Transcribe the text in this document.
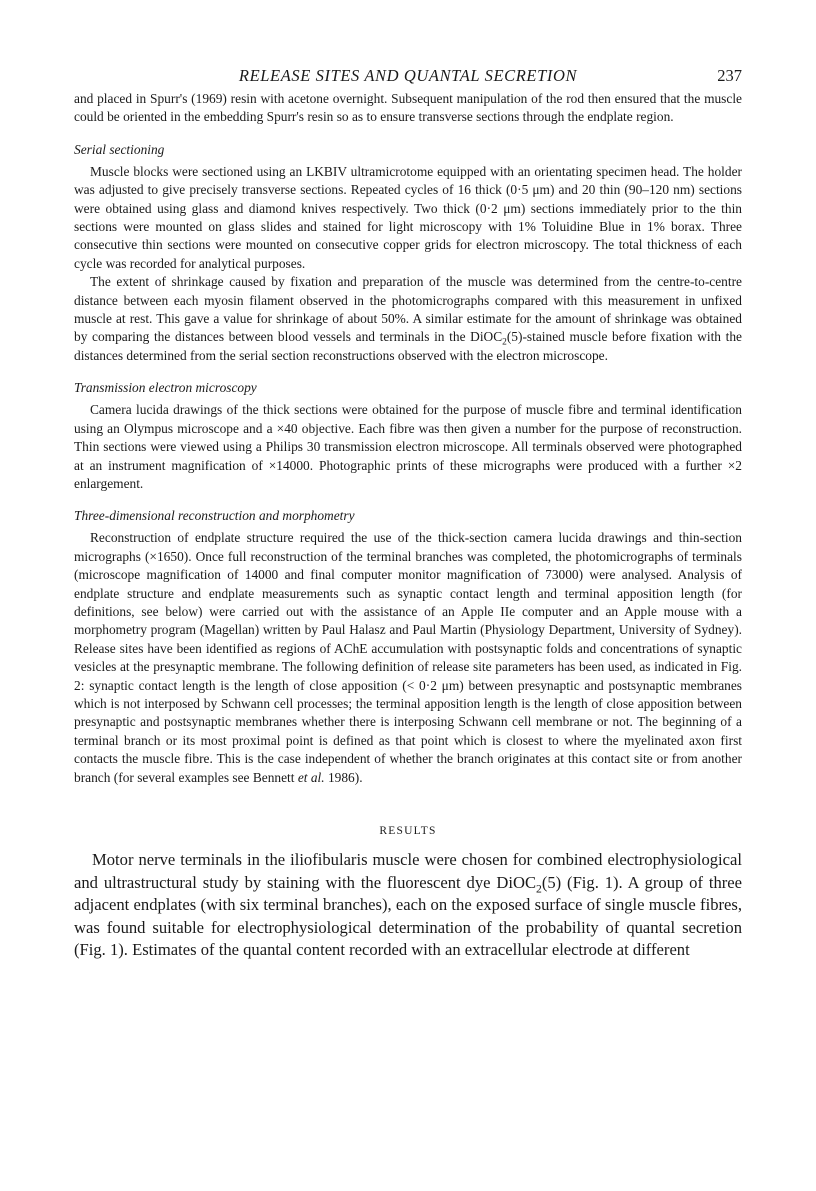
RELEASE SITES AND QUANTAL SECRETION	237

and placed in Spurr's (1969) resin with acetone overnight. Subsequent manipulation of the rod then ensured that the muscle could be oriented in the embedding Spurr's resin so as to ensure transverse sections through the endplate region.

Serial sectioning

Muscle blocks were sectioned using an LKBIV ultramicrotome equipped with an orientating specimen head. The holder was adjusted to give precisely transverse sections. Repeated cycles of 16 thick (0·5 μm) and 20 thin (90–120 nm) sections were obtained using glass and diamond knives respectively. Two thick (0·2 μm) sections immediately prior to the thin sections were mounted on glass slides and stained for light microscopy with 1% Toluidine Blue in 1% borax. Three consecutive thin sections were mounted on consecutive copper grids for electron microscopy. The total thickness of each cycle was recorded for analytical purposes.

The extent of shrinkage caused by fixation and preparation of the muscle was determined from the centre-to-centre distance between each myosin filament observed in the photomicrographs compared with this measurement in unfixed muscle at rest. This gave a value for shrinkage of about 50%. A similar estimate for the amount of shrinkage was obtained by comparing the distances between blood vessels and terminals in the DiOC$_2$(5)-stained muscle before fixation with the distances determined from the serial section reconstructions observed with the electron microscope.

Transmission electron microscopy

Camera lucida drawings of the thick sections were obtained for the purpose of muscle fibre and terminal identification using an Olympus microscope and a ×40 objective. Each fibre was then given a number for the purpose of reconstruction. Thin sections were viewed using a Philips 30 transmission electron microscope. All terminals observed were photographed at an instrument magnification of ×14000. Photographic prints of these micrographs were produced with a further ×2 enlargement.

Three-dimensional reconstruction and morphometry

Reconstruction of endplate structure required the use of the thick-section camera lucida drawings and thin-section micrographs (×1650). Once full reconstruction of the terminal branches was completed, the photomicrographs of terminals (microscope magnification of 14000 and final computer monitor magnification of 73000) were analysed. Analysis of endplate structure and endplate measurements such as synaptic contact length and terminal apposition length (for definitions, see below) were carried out with the assistance of an Apple IIe computer and an Apple mouse with a morphometry program (Magellan) written by Paul Halasz and Paul Martin (Physiology Department, University of Sydney). Release sites have been identified as regions of AChE accumulation with postsynaptic folds and concentrations of synaptic vesicles at the presynaptic membrane. The following definition of release site parameters has been used, as indicated in Fig. 2: synaptic contact length is the length of close apposition (< 0·2 μm) between presynaptic and postsynaptic membranes which is not interposed by Schwann cell processes; the terminal apposition length is the length of close apposition between presynaptic and postsynaptic membranes whether there is interposing Schwann cell membrane or not. The beginning of a terminal branch or its most proximal point is defined as that point which is closest to where the myelinated axon first contacts the muscle fibre. This is the case independent of whether the branch originates at this contact site or from another branch (for several examples see Bennett et al. 1986).

RESULTS

Motor nerve terminals in the iliofibularis muscle were chosen for combined electrophysiological and ultrastructural study by staining with the fluorescent dye DiOC$_2$(5) (Fig. 1). A group of three adjacent endplates (with six terminal branches), each on the exposed surface of single muscle fibres, was found suitable for electrophysiological determination of the probability of quantal secretion (Fig. 1). Estimates of the quantal content recorded with an extracellular electrode at different
